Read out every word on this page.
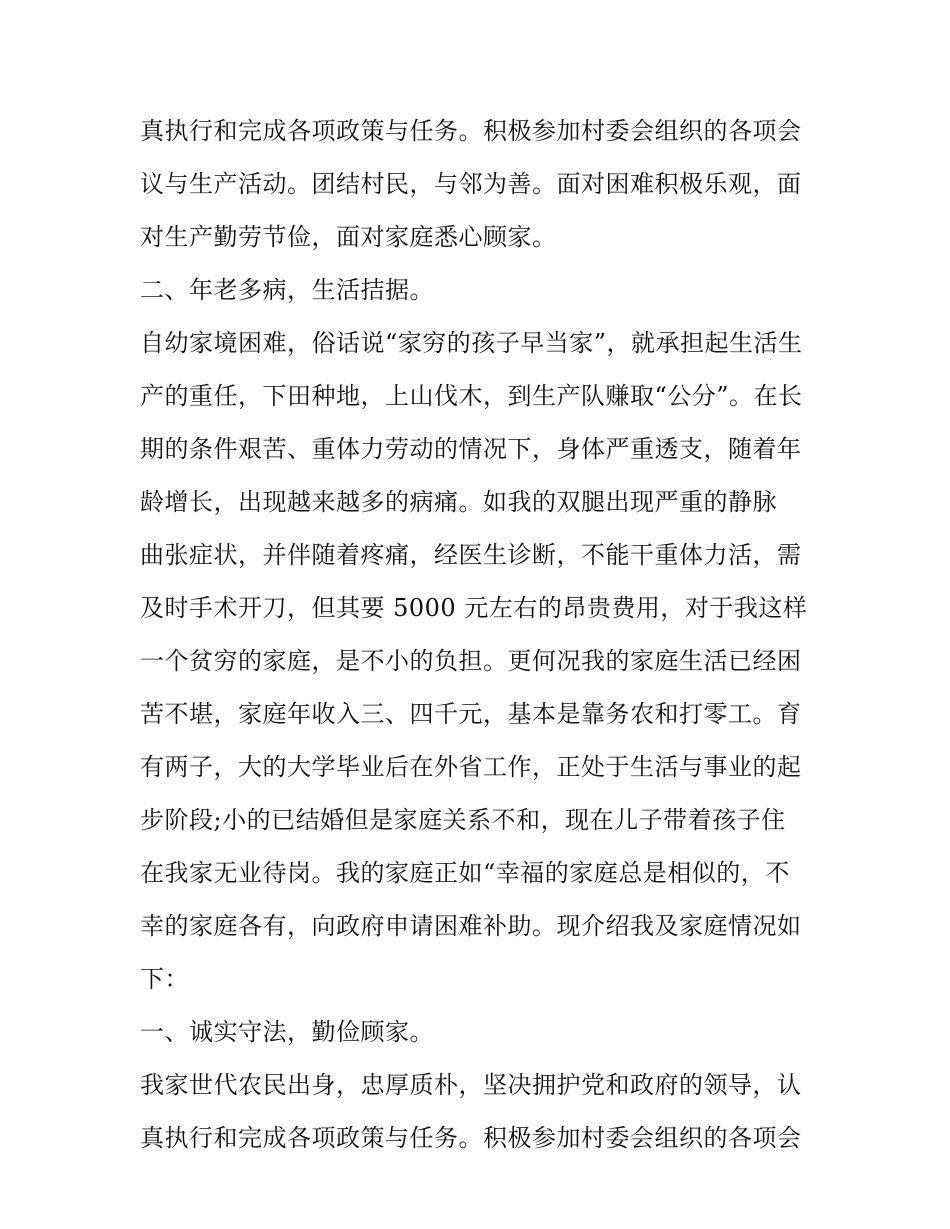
真执行和完成各项政策与任务。积极参加村委会组织的各项会
议与生产活动。团结村民，与邻为善。面对困难积极乐观，面
对生产勤劳节俭，面对家庭悉心顾家。
二、年老多病，生活拮据。
自幼家境困难，俗话说“家穷的孩子早当家”，就承担起生活生
产的重任，下田种地，上山伐木，到生产队赚取“公分”。在长
期的条件艰苦、重体力劳动的情况下，身体严重透支，随着年
龄增长，出现越来越多的病痛。如我的双腿出现严重的静脉
曲张症状，并伴随着疼痛，经医生诊断，不能干重体力活，需
及时手术开刀，但其要 5000 元左右的昂贵费用，对于我这样
一个贫穷的家庭，是不小的负担。更何况我的家庭生活已经困
苦不堪，家庭年收入三、四千元，基本是靠务农和打零工。育
有两子，大的大学毕业后在外省工作，正处于生活与事业的起
步阶段;小的已结婚但是家庭关系不和，现在儿子带着孩子住
在我家无业待岗。我的家庭正如“幸福的家庭总是相似的，不
幸的家庭各有，向政府申请困难补助。现介绍我及家庭情况如
下：
一、诚实守法，勤俭顾家。
我家世代农民出身，忠厚质朴，坚决拥护党和政府的领导，认
真执行和完成各项政策与任务。积极参加村委会组织的各项会
